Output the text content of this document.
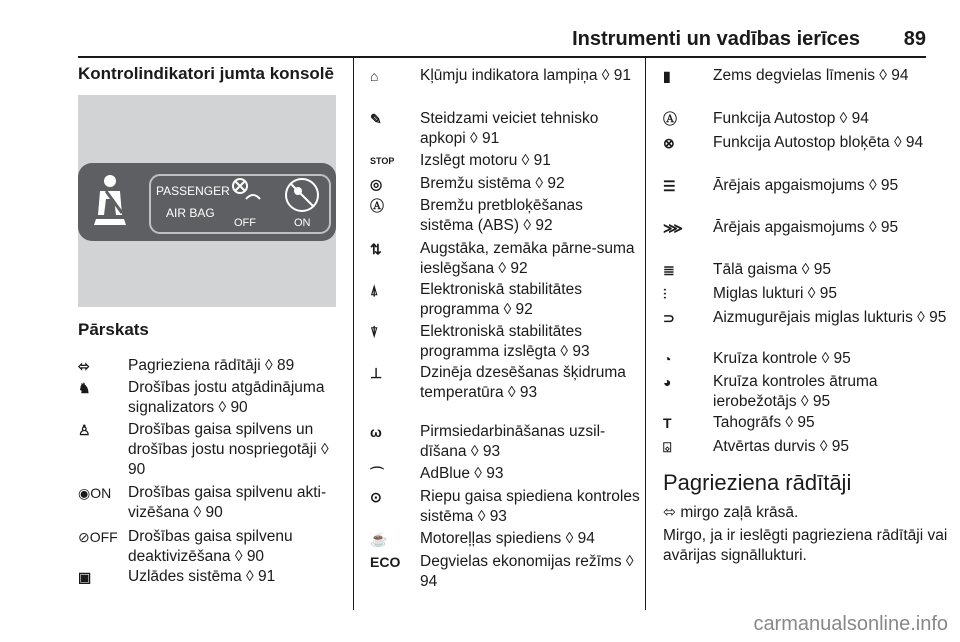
Instrumenti un vadības ierīces 89
Kontrolindikatori jumta konsolē
PASSENGER
AIR BAG
OFF	ON
Pārskats
⬄	Pagrieziena rādītāji ◊ 89
♞	Drošības jostu atgādinājuma signalizators ◊ 90
♙	Drošības gaisa spilvens un drošības jostu nospriegotāji ◊ 90
◉ON	Drošības gaisa spilvenu akti-vizēšana ◊ 90
⊘OFF Drošības gaisa spilvenu deaktivizēšana ◊ 90
▣	Uzlādes sistēma ◊ 91
⌂	Kļūmju indikatora lampiņa ◊ 91
✎	Steidzami veiciet tehnisko apkopi ◊ 91
STOP	Izslēgt motoru ◊ 91
◎	Bremžu sistēma ◊ 92
Ⓐ	Bremžu pretbloķēšanas sistēma (ABS) ◊ 92
⇅	Augstāka, zemāka pārne-suma ieslēgšana ◊ 92
⍋	Elektroniskā stabilitātes programma ◊ 92
⍒	Elektroniskā stabilitātes programma izslēgta ◊ 93
⊥	Dzinēja dzesēšanas šķidruma temperatūra ◊ 93
ω	Pirmsiedarbināšanas uzsil-dīšana ◊ 93
⌒	AdBlue ◊ 93
⊙	Riepu gaisa spiediena kontroles sistēma ◊ 93
☕	Motoreļļas spiediens ◊ 94
ECO	Degvielas ekonomijas režīms ◊ 94
▮	Zems degvielas līmenis ◊ 94
Ⓐ	Funkcija Autostop ◊ 94
⊗	Funkcija Autostop bloķēta ◊ 94
☰	Ārējais apgaismojums ◊ 95
⋙	Ārējais apgaismojums ◊ 95
≣	Tālā gaisma ◊ 95
⫶	Miglas lukturi ◊ 95
⊃	Aizmugurējais miglas lukturis ◊ 95
◔	Kruīza kontrole ◊ 95
◕	Kruīza kontroles ātruma ierobežotājs ◊ 95
T	Tahogrāfs ◊ 95
⌺	Atvērtas durvis ◊ 95
Pagrieziena rādītāji
⬄ mirgo zaļā krāsā.
Mirgo, ja ir ieslēgti pagrieziena rādītāji vai avārijas signāllukturi.
carmanualsonline.info
